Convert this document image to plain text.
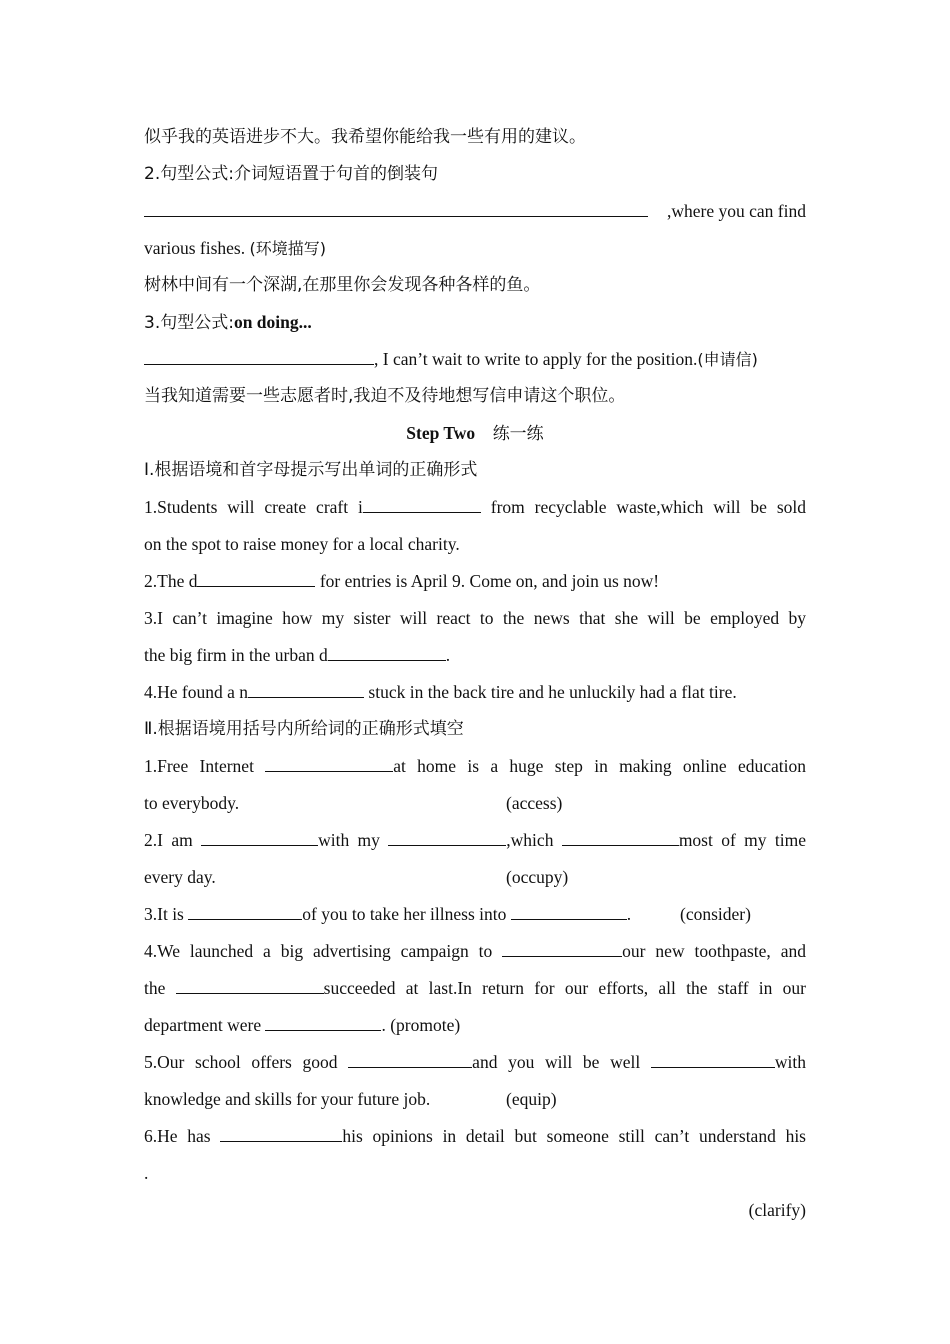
似乎我的英语进步不大。我希望你能给我一些有用的建议。
2.句型公式:介词短语置于句首的倒装句
,where you can find
various fishes. (环境描写)
树林中间有一个深湖,在那里你会发现各种各样的鱼。
3.句型公式:on doing...
, I can’t wait to write to apply for the position.(申请信)
当我知道需要一些志愿者时,我迫不及待地想写信申请这个职位。
Step Two 练一练
Ⅰ.根据语境和首字母提示写出单词的正确形式
1.Students will create craft i	from recyclable waste,which will be sold
on the spot to raise money for a local charity.
2.The d	for entries is April 9. Come on, and join us now!
3.I can’t imagine how my sister will react to the news that she will be employed by
the big firm in the urban d	.
4.He found a n	stuck in the back tire and he unluckily had a flat tire.
Ⅱ.根据语境用括号内所给词的正确形式填空
1.Free Internet	at home is a huge step in making online education
to everybody.	(access)
2.I am	with my	,which	most of my time
every day.	(occupy)
3.It is	of you to take her illness into	.	(consider)
4.We launched a big advertising campaign to	our new toothpaste, and
the	succeeded at last.In return for our efforts, all the staff in our
department were	. (promote)
5.Our school offers good	and you will be well	with
knowledge and skills for your future job.	(equip)
6.He has	his opinions in detail but someone still can’t understand his
.
(clarify)
